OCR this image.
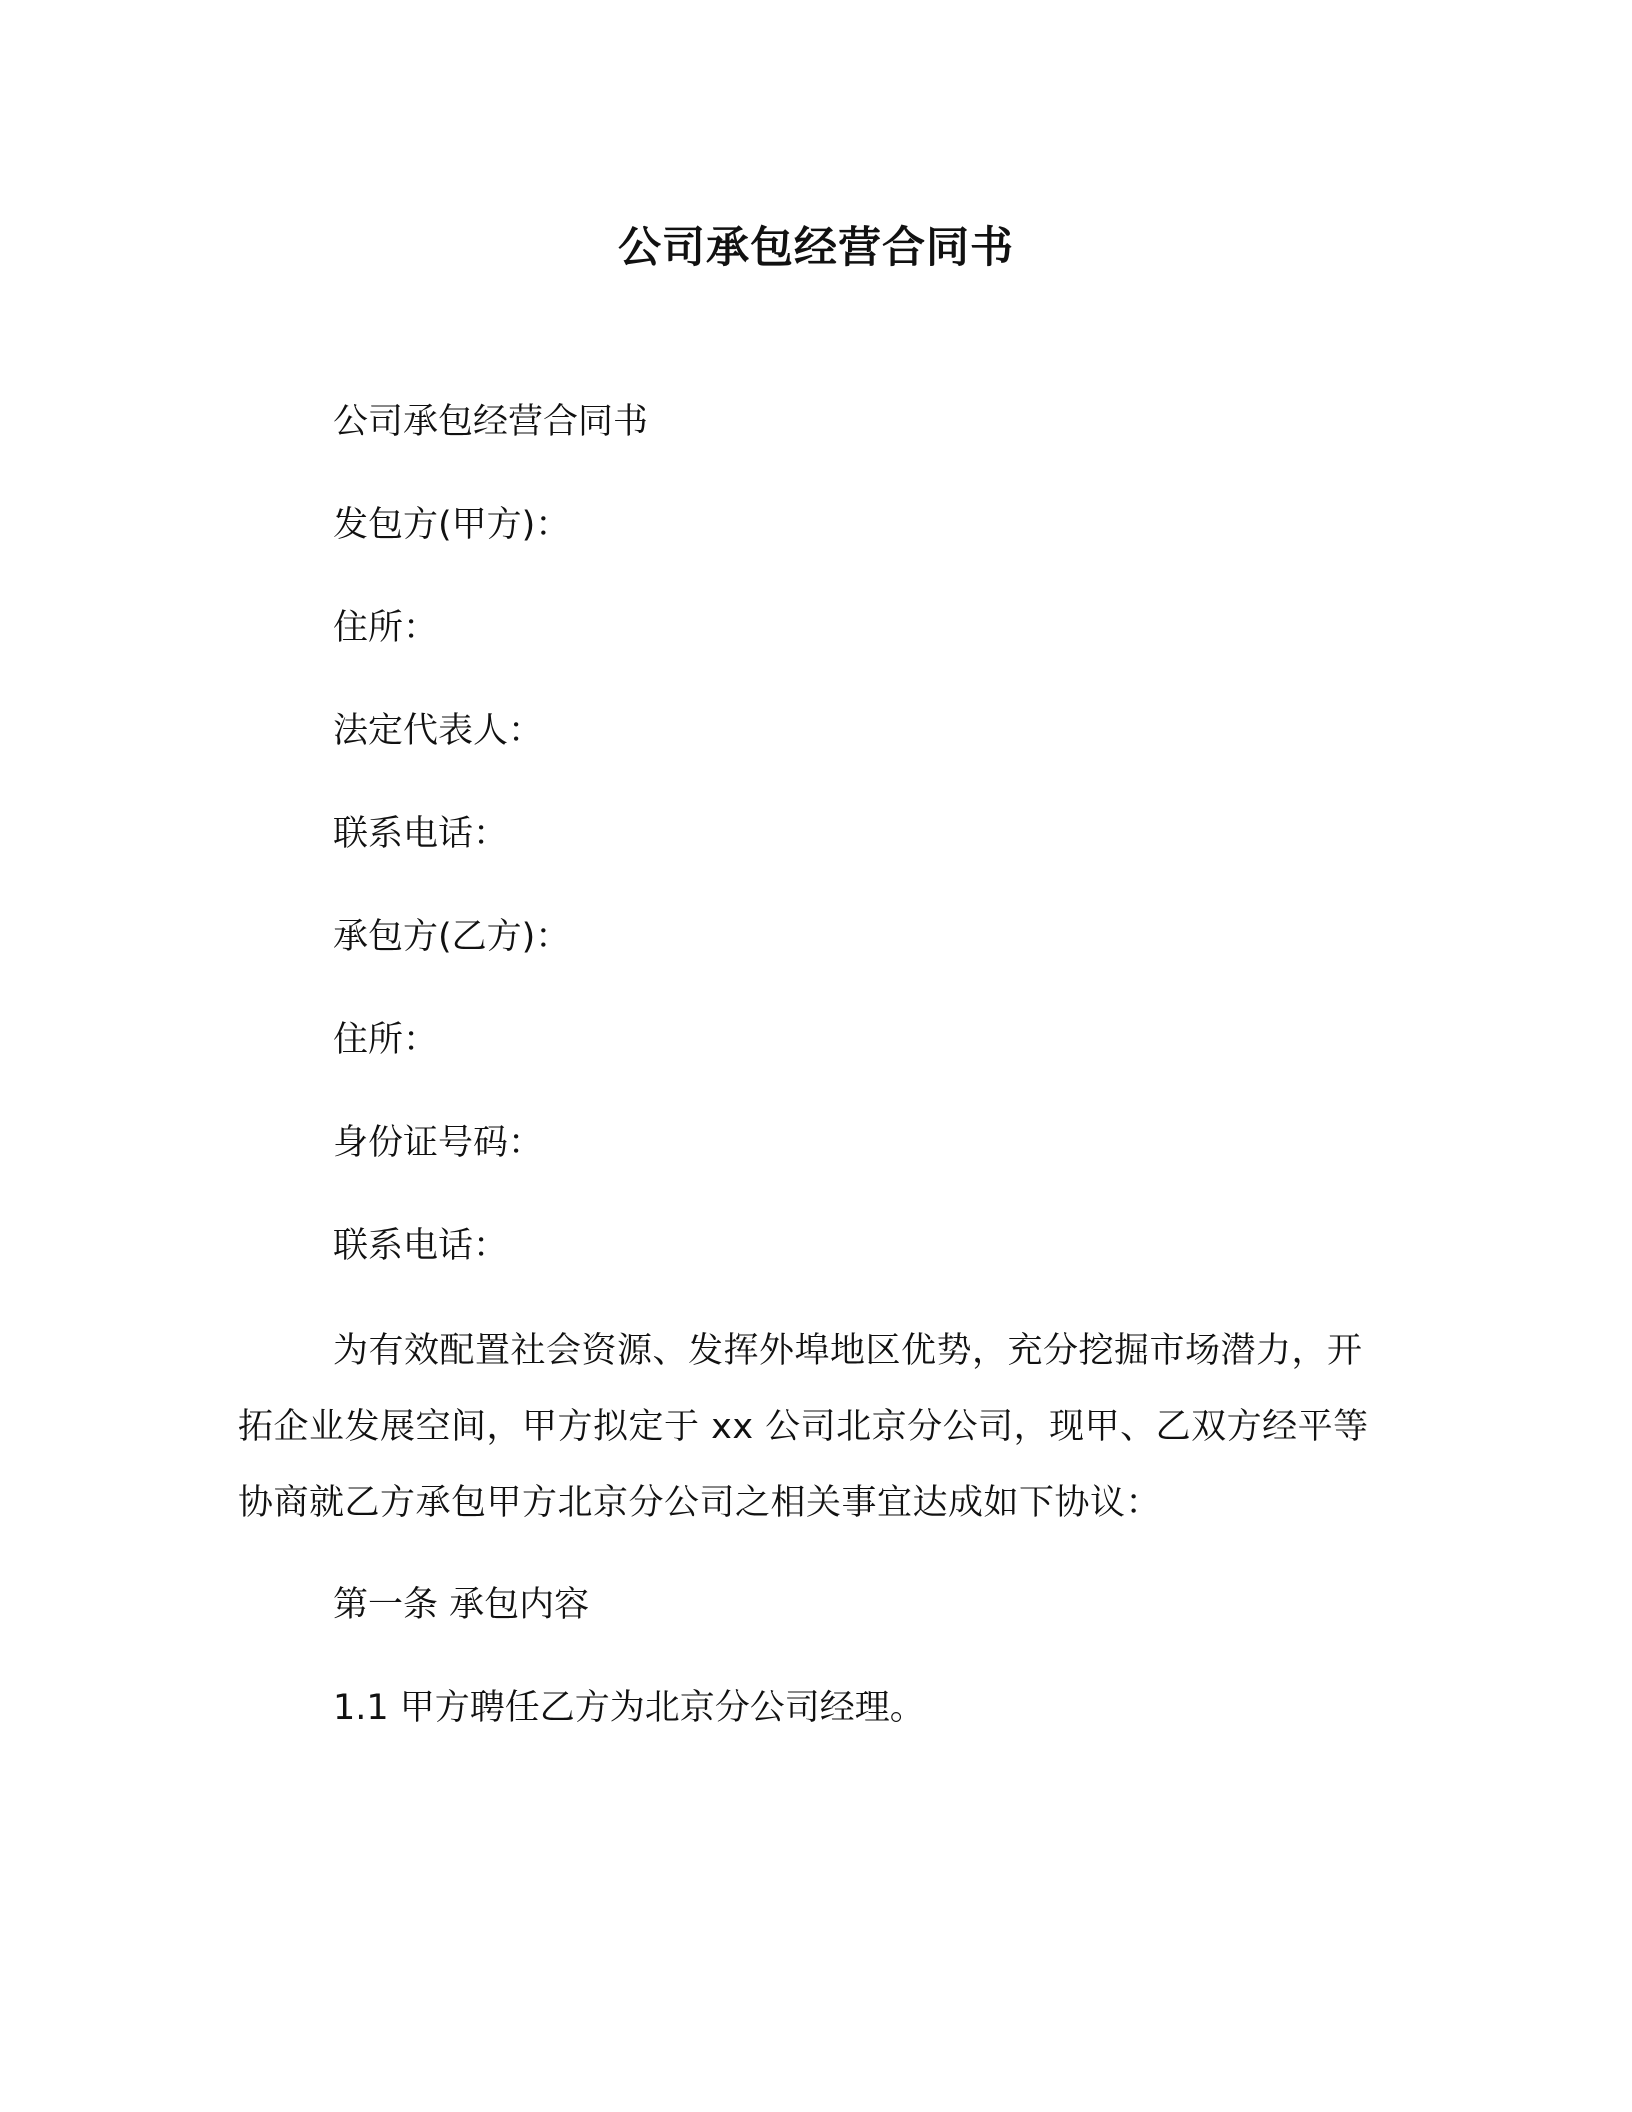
公司承包经营合同书
公司承包经营合同书
发包方(甲方)：
住所：
法定代表人：
联系电话：
承包方(乙方)：
住所：
身份证号码：
联系电话：
为有效配置社会资源、发挥外埠地区优势，充分挖掘市场潜力，开拓企业发展空间，甲方拟定于 xx 公司北京分公司，现甲、乙双方经平等协商就乙方承包甲方北京分公司之相关事宜达成如下协议：
第一条 承包内容
1.1 甲方聘任乙方为北京分公司经理。
